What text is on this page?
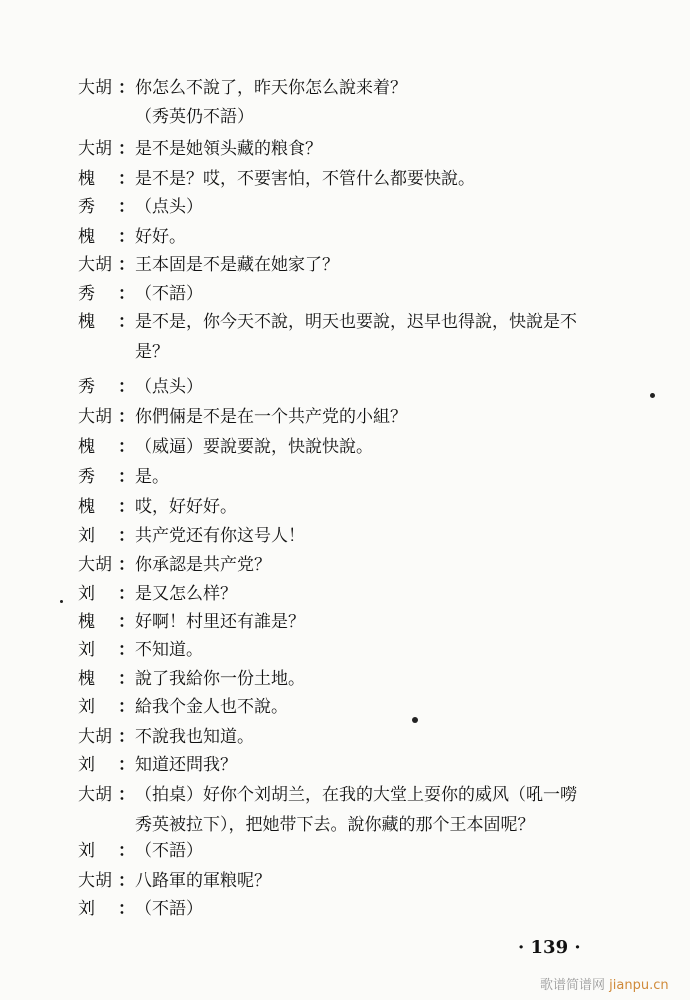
大胡 ： 你怎么不說了，昨天你怎么說来着？
（秀英仍不語）
大胡 ： 是不是她領头藏的粮食？
槐	： 是不是？哎，不要害怕，不管什么都要快說。
秀	： （点头）
槐	： 好好。
大胡 ： 王本固是不是藏在她家了？
秀	： （不語）
槐	： 是不是，你今天不說，明天也要說，迟早也得說，快說是不
是？
秀	： （点头）
大胡 ： 你們倆是不是在一个共产党的小組？
槐	： （威逼）要說要說，快說快說。
秀	： 是。
槐	： 哎，好好好。
刘	： 共产党还有你这号人！
大胡 ： 你承認是共产党？
刘	： 是又怎么样？
槐	： 好啊！村里还有誰是？
刘	： 不知道。
槐	： 說了我給你一份土地。
刘	： 給我个金人也不說。
大胡 ： 不說我也知道。
刘	： 知道还問我？
大胡 ： （拍桌）好你个刘胡兰，在我的大堂上耍你的威风（吼一嘮
秀英被拉下），把她带下去。說你藏的那个王本固呢？
刘	： （不語）
大胡 ： 八路軍的軍粮呢？
刘	： （不語）
· 139 ·
歌谱简谱网 jianpu.cn
